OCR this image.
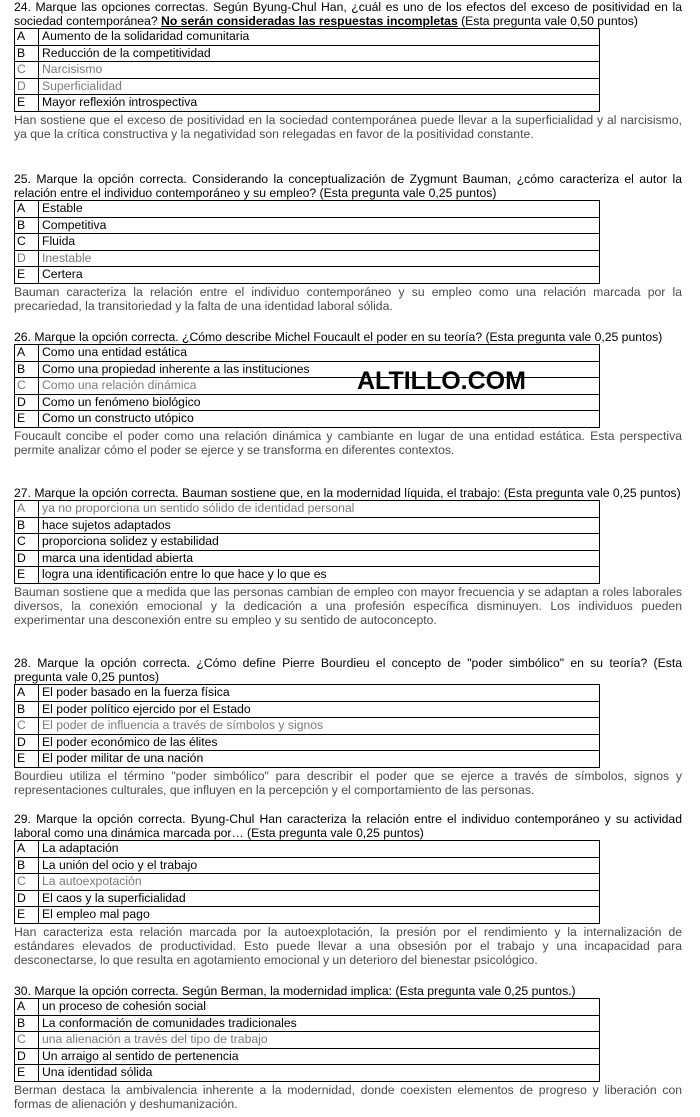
ALTILLO.COM
24. Marque las opciones correctas. Según Byung-Chul Han, ¿cuál es uno de los efectos del exceso de positividad en la sociedad contemporánea? No serán consideradas las respuestas incompletas (Esta pregunta vale 0,50 puntos)
A	Aumento de la solidaridad comunitaria
B	Reducción de la competitividad
C	Narcisismo
D	Superficialidad
E	Mayor reflexión introspectiva
Han sostiene que el exceso de positividad en la sociedad contemporánea puede llevar a la superficialidad y al narcisismo, ya que la crítica constructiva y la negatividad son relegadas en favor de la positividad constante.
25. Marque la opción correcta. Considerando la conceptualización de Zygmunt Bauman, ¿cómo caracteriza el autor la relación entre el individuo contemporáneo y su empleo? (Esta pregunta vale 0,25 puntos)
A	Estable
B	Competitiva
C	Fluida
D	Inestable
E	Certera
Bauman caracteriza la relación entre el individuo contemporáneo y su empleo como una relación marcada por la precariedad, la transitoriedad y la falta de una identidad laboral sólida.
26. Marque la opción correcta. ¿Cómo describe Michel Foucault el poder en su teoría? (Esta pregunta vale 0,25 puntos)
A	Como una entidad estática
B	Como una propiedad inherente a las instituciones
C	Como una relación dinámica
D	Como un fenómeno biológico
E	Como un constructo utópico
Foucault concibe el poder como una relación dinámica y cambiante en lugar de una entidad estática. Esta perspectiva permite analizar cómo el poder se ejerce y se transforma en diferentes contextos.
27. Marque la opción correcta. Bauman sostiene que, en la modernidad líquida, el trabajo: (Esta pregunta vale 0,25 puntos)
A	ya no proporciona un sentido sólido de identidad personal
B	hace sujetos adaptados
C	proporciona solidez y estabilidad
D	marca una identidad abierta
E	logra una identificación entre lo que hace y lo que es
Bauman sostiene que a medida que las personas cambian de empleo con mayor frecuencia y se adaptan a roles laborales diversos, la conexión emocional y la dedicación a una profesión específica disminuyen. Los individuos pueden experimentar una desconexión entre su empleo y su sentido de autoconcepto.
28. Marque la opción correcta. ¿Cómo define Pierre Bourdieu el concepto de "poder simbólico" en su teoría? (Esta pregunta vale 0,25 puntos)
A	El poder basado en la fuerza física
B	El poder político ejercido por el Estado
C	El poder de influencia a través de símbolos y signos
D	El poder económico de las élites
E	El poder militar de una nación
Bourdieu utiliza el término "poder simbólico" para describir el poder que se ejerce a través de símbolos, signos y representaciones culturales, que influyen en la percepción y el comportamiento de las personas.
29. Marque la opción correcta. Byung-Chul Han caracteriza la relación entre el individuo contemporáneo y su actividad laboral como una dinámica marcada por… (Esta pregunta vale 0,25 puntos)
A	La adaptación
B	La unión del ocio y el trabajo
C	La autoexpotación
D	El caos y la superficialidad
E	El empleo mal pago
Han caracteriza esta relación marcada por la autoexplotación, la presión por el rendimiento y la internalización de estándares elevados de productividad. Esto puede llevar a una obsesión por el trabajo y una incapacidad para desconectarse, lo que resulta en agotamiento emocional y un deterioro del bienestar psicológico.
30. Marque la opción correcta. Según Berman, la modernidad implica: (Esta pregunta vale 0,25 puntos.)
A	un proceso de cohesión social
B	La conformación de comunidades tradicionales
C	una alienación a través del tipo de trabajo
D	Un arraigo al sentido de pertenencia
E	Una identidad sólida
Berman destaca la ambivalencia inherente a la modernidad, donde coexisten elementos de progreso y liberación con formas de alienación y deshumanización.
